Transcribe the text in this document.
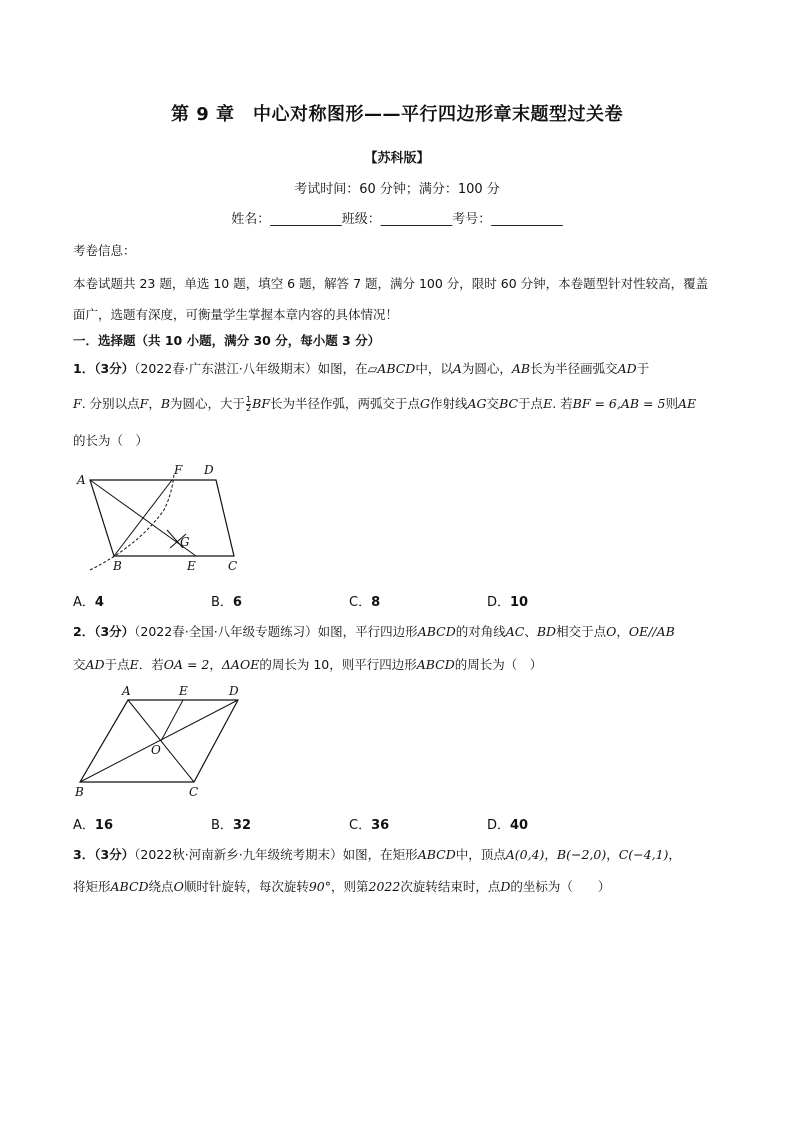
第 9 章　中心对称图形——平行四边形章末题型过关卷
【苏科版】
考试时间：60 分钟；满分：100 分
姓名：___________班级：___________考号：___________
考卷信息：
本卷试题共 23 题，单选 10 题，填空 6 题，解答 7 题，满分 100 分，限时 60 分钟，本卷题型针对性较高，覆盖
面广，选题有深度，可衡量学生掌握本章内容的具体情况！
一．选择题（共 10 小题，满分 30 分，每小题 3 分）
1．（3分）（2022春·广东湛江·八年级期末）如图，在▱ABCD中，以A为圆心，AB长为半径画弧交AD于
F. 分别以点F，B为圆心，大于 $\frac{1}{2}$ BF长为半径作弧，两弧交于点G作射线AG交BC于点E. 若BF = 6,AB = 5则AE
的长为（　）
A
F D
G
B	E	C
A．4	B．6	C．8	D．10
2．（3分）（2022春·全国·八年级专题练习）如图，平行四边形ABCD的对角线AC、BD相交于点O，OE//AB
交AD于点E．若OA = 2，ΔAOE的周长为 10，则平行四边形ABCD的周长为（　）
A	E	D
O
B	C
A．16	B．32	C．36	D．40
3．（3分）（2022秋·河南新乡·九年级统考期末）如图，在矩形ABCD中，顶点A(0,4)，B(−2,0)，C(−4,1)，
将矩形ABCD绕点O顺时针旋转，每次旋转90°，则第2022次旋转结束时，点D的坐标为（　　）
